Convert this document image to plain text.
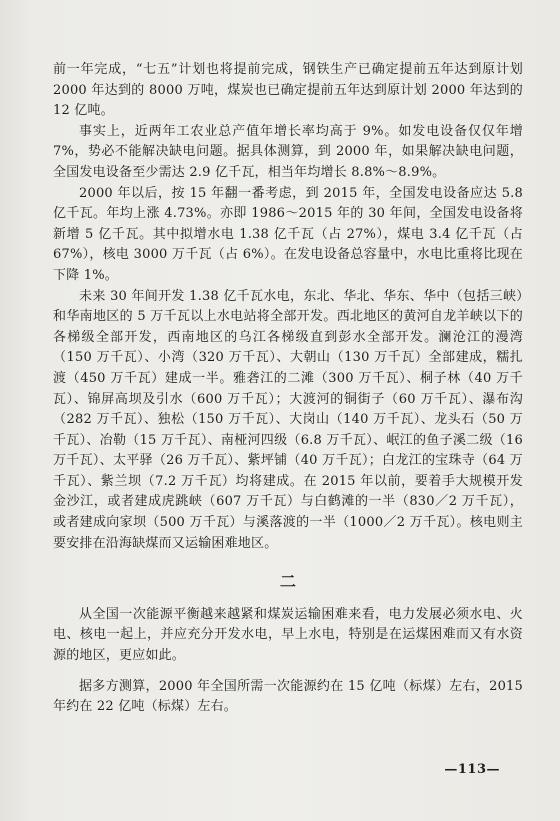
前一年完成，“七五”计划也将提前完成，钢铁生产已确定提前五年达到原计划 2000 年达到的 8000 万吨，煤炭也已确定提前五年达到原计划 2000 年达到的 12 亿吨。

事实上，近两年工农业总产值年增长率均高于 9%。如发电设备仅仅年增 7%，势必不能解决缺电问题。据具体测算，到 2000 年，如果解决缺电问题，全国发电设备至少需达 2.9 亿千瓦，相当年均增长 8.8%～8.9%。

2000 年以后，按 15 年翻一番考虑，到 2015 年，全国发电设备应达 5.8 亿千瓦。年均上涨 4.73%。亦即 1986～2015 年的 30 年间，全国发电设备将新增 5 亿千瓦。其中拟增水电 1.38 亿千瓦（占 27%），煤电 3.4 亿千瓦（占 67%），核电 3000 万千瓦（占 6%）。在发电设备总容量中，水电比重将比现在下降 1%。

未来 30 年间开发 1.38 亿千瓦水电，东北、华北、华东、华中（包括三峡）和华南地区的 5 万千瓦以上水电站将全部开发。西北地区的黄河自龙羊峡以下的各梯级全部开发，西南地区的乌江各梯级直到彭水全部开发。澜沧江的漫湾（150 万千瓦）、小湾（320 万千瓦）、大朝山（130 万千瓦）全部建成，糯扎渡（450 万千瓦）建成一半。雅砻江的二滩（300 万千瓦）、桐子林（40 万千瓦）、锦屏高坝及引水（600 万千瓦）；大渡河的铜街子（60 万千瓦）、瀑布沟（282 万千瓦）、独松（150 万千瓦）、大岗山（140 万千瓦）、龙头石（50 万千瓦）、冶勒（15 万千瓦）、南桠河四级（6.8 万千瓦）、岷江的鱼子溪二级（16 万千瓦）、太平驿（26 万千瓦）、紫坪铺（40 万千瓦）；白龙江的宝珠寺（64 万千瓦）、紫兰坝（7.2 万千瓦）均将建成。在 2015 年以前，要着手大规模开发金沙江，或者建成虎跳峡（607 万千瓦）与白鹤滩的一半（830／2 万千瓦），或者建成向家坝（500 万千瓦）与溪落渡的一半（1000／2 万千瓦）。核电则主要安排在沿海缺煤而又运输困难地区。

二

从全国一次能源平衡越来越紧和煤炭运输困难来看，电力发展必须水电、火电、核电一起上，并应充分开发水电，早上水电，特别是在运煤困难而又有水资源的地区，更应如此。

据多方测算，2000 年全国所需一次能源约在 15 亿吨（标煤）左右，2015 年约在 22 亿吨（标煤）左右。

—113—
